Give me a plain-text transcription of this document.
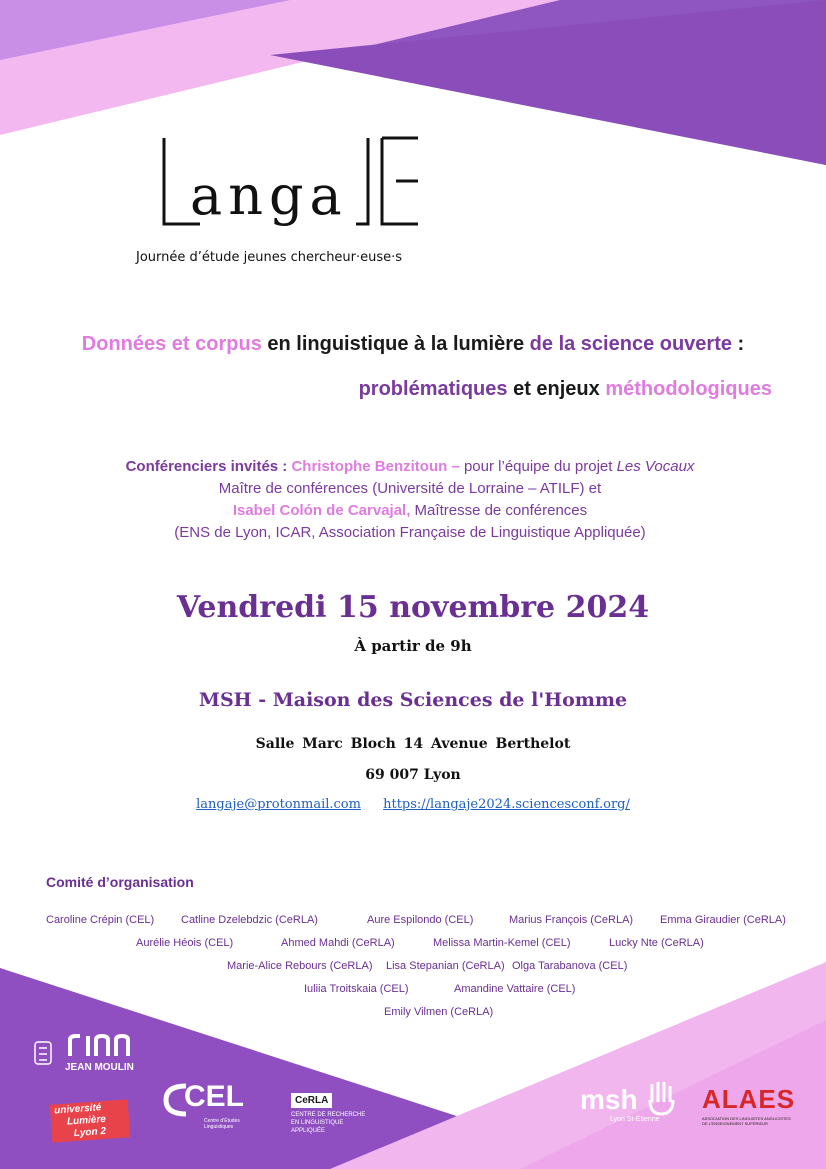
anga
Journée d’étude jeunes chercheur·euse·s
Données et corpus en linguistique à la lumière de la science ouverte :
problématiques et enjeux méthodologiques
Conférenciers invités : Christophe Benzitoun – pour l’équipe du projet Les Vocaux
Maître de conférences (Université de Lorraine – ATILF) et
Isabel Colón de Carvajal, Maîtresse de conférences
(ENS de Lyon, ICAR, Association Française de Linguistique Appliquée)
Vendredi 15 novembre 2024
À partir de 9h
MSH - Maison des Sciences de l'Homme
Salle Marc Bloch 14 Avenue Berthelot
69 007 Lyon
langaje@protonmail.com https://langaje2024.sciencesconf.org/
Comité d’organisation
Caroline Crépin (CEL) Catline Dzelebdzic (CeRLA)	Aure Espilondo (CEL)	Marius François (CeRLA) Emma Giraudier (CeRLA)
Aurélie Héois (CEL)	Ahmed Mahdi (CeRLA)	Melissa Martin-Kemel (CEL)	Lucky Nte (CeRLA)
Marie-Alice Rebours (CeRLA) Lisa Stepanian (CeRLA) Olga Tarabanova (CEL)
Iuliia Troitskaia (CEL)	Amandine Vattaire (CEL)
Emily Vilmen (CeRLA)
JEAN MOULIN
université
Lumière
Lyon 2
CEL
Centre d’Études Linguistiques
CeRLA
CENTRE DE RECHERCHE
EN LINGUISTIQUE
APPLIQUÉE
msh
Lyon St-Étienne
ALAES
ASSOCIATION DES LINGUISTES ANGLICISTES
DE L’ENSEIGNEMENT SUPÉRIEUR
